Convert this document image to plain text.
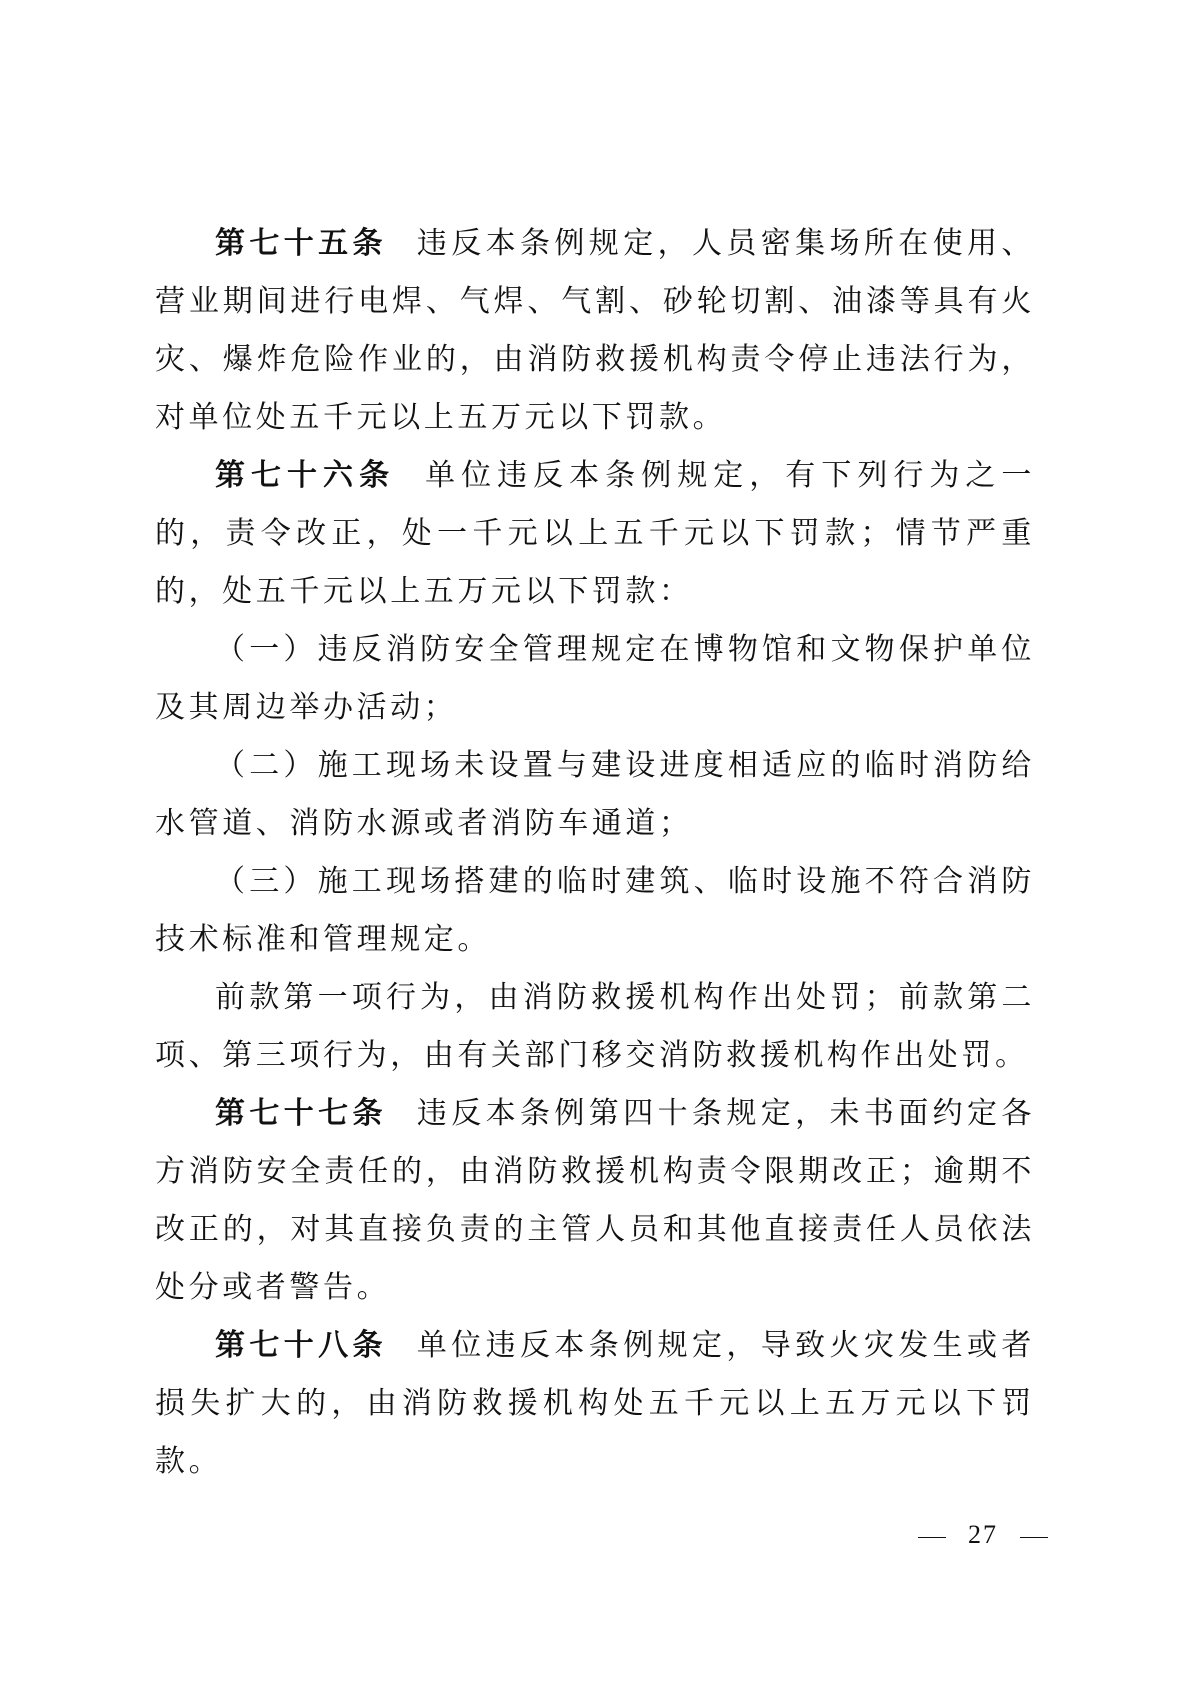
第七十五条 违反本条例规定，人员密集场所在使用、营业期间进行电焊、气焊、气割、砂轮切割、油漆等具有火灾、爆炸危险作业的，由消防救援机构责令停止违法行为，对单位处五千元以上五万元以下罚款。

第七十六条 单位违反本条例规定，有下列行为之一的，责令改正，处一千元以上五千元以下罚款；情节严重的，处五千元以上五万元以下罚款：

（一）违反消防安全管理规定在博物馆和文物保护单位及其周边举办活动；

（二）施工现场未设置与建设进度相适应的临时消防给水管道、消防水源或者消防车通道；

（三）施工现场搭建的临时建筑、临时设施不符合消防技术标准和管理规定。

前款第一项行为，由消防救援机构作出处罚；前款第二项、第三项行为，由有关部门移交消防救援机构作出处罚。

第七十七条 违反本条例第四十条规定，未书面约定各方消防安全责任的，由消防救援机构责令限期改正；逾期不改正的，对其直接负责的主管人员和其他直接责任人员依法处分或者警告。

第七十八条 单位违反本条例规定，导致火灾发生或者损失扩大的，由消防救援机构处五千元以上五万元以下罚款。

27
